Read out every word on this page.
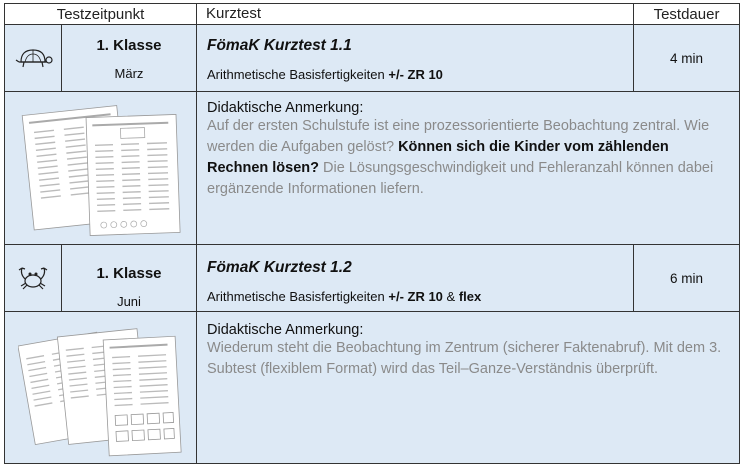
Testzeitpunkt	Kurztest	Testdauer
1. Klasse
März
FömaK Kurztest 1.1
Arithmetische Basisfertigkeiten +/- ZR 10
4 min
Didaktische Anmerkung:
Auf der ersten Schulstufe ist eine prozessorientierte Beobachtung zentral. Wie werden die Aufgaben gelöst? Können sich die Kinder vom zählenden Rechnen lösen? Die Lösungsgeschwindigkeit und Fehleranzahl können dabei ergänzende Informationen liefern.
1. Klasse
Juni
FömaK Kurztest 1.2
Arithmetische Basisfertigkeiten +/- ZR 10 & flex
6 min
Didaktische Anmerkung:
Wiederum steht die Beobachtung im Zentrum (sicherer Faktenabruf). Mit dem 3. Subtest (flexiblem Format) wird das Teil–Ganze-Verständnis überprüft.
